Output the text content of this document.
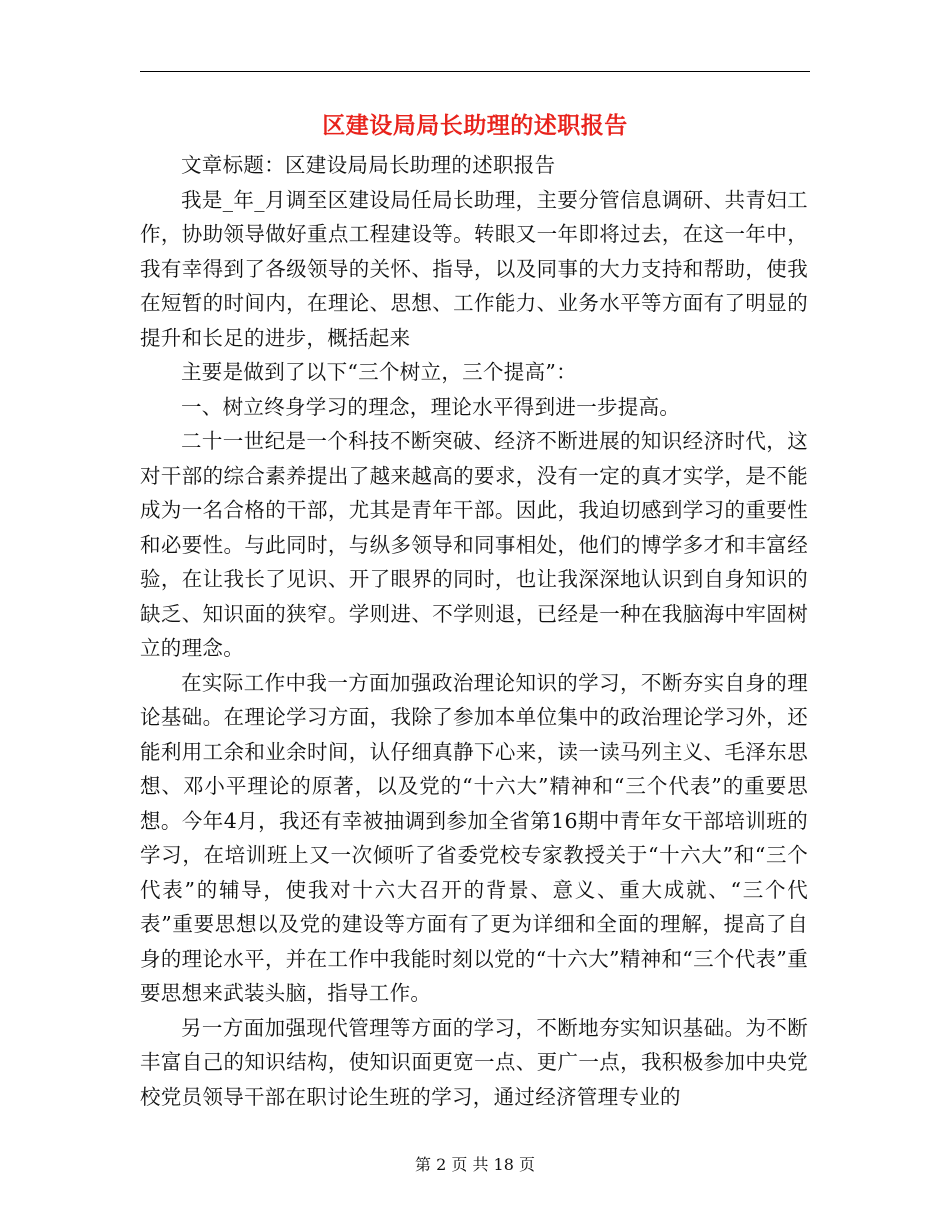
区建设局局长助理的述职报告

文章标题：区建设局局长助理的述职报告

我是_年_月调至区建设局任局长助理，主要分管信息调研、共青妇工作，协助领导做好重点工程建设等。转眼又一年即将过去，在这一年中，我有幸得到了各级领导的关怀、指导，以及同事的大力支持和帮助，使我在短暂的时间内，在理论、思想、工作能力、业务水平等方面有了明显的提升和长足的进步，概括起来

主要是做到了以下“三个树立，三个提高”：

一、树立终身学习的理念，理论水平得到进一步提高。

二十一世纪是一个科技不断突破、经济不断进展的知识经济时代，这对干部的综合素养提出了越来越高的要求，没有一定的真才实学，是不能成为一名合格的干部，尤其是青年干部。因此，我迫切感到学习的重要性和必要性。与此同时，与纵多领导和同事相处，他们的博学多才和丰富经验，在让我长了见识、开了眼界的同时，也让我深深地认识到自身知识的缺乏、知识面的狭窄。学则进、不学则退，已经是一种在我脑海中牢固树立的理念。

在实际工作中我一方面加强政治理论知识的学习，不断夯实自身的理论基础。在理论学习方面，我除了参加本单位集中的政治理论学习外，还能利用工余和业余时间，认仔细真静下心来，读一读马列主义、毛泽东思想、邓小平理论的原著，以及党的“十六大”精神和“三个代表”的重要思想。今年4月，我还有幸被抽调到参加全省第16期中青年女干部培训班的学习，在培训班上又一次倾听了省委党校专家教授关于“十六大”和“三个代表”的辅导，使我对十六大召开的背景、意义、重大成就、“三个代表”重要思想以及党的建设等方面有了更为详细和全面的理解，提高了自身的理论水平，并在工作中我能时刻以党的“十六大”精神和“三个代表”重要思想来武装头脑，指导工作。

另一方面加强现代管理等方面的学习，不断地夯实知识基础。为不断丰富自己的知识结构，使知识面更宽一点、更广一点，我积极参加中央党校党员领导干部在职讨论生班的学习，通过经济管理专业的

第 2 页 共 18 页
